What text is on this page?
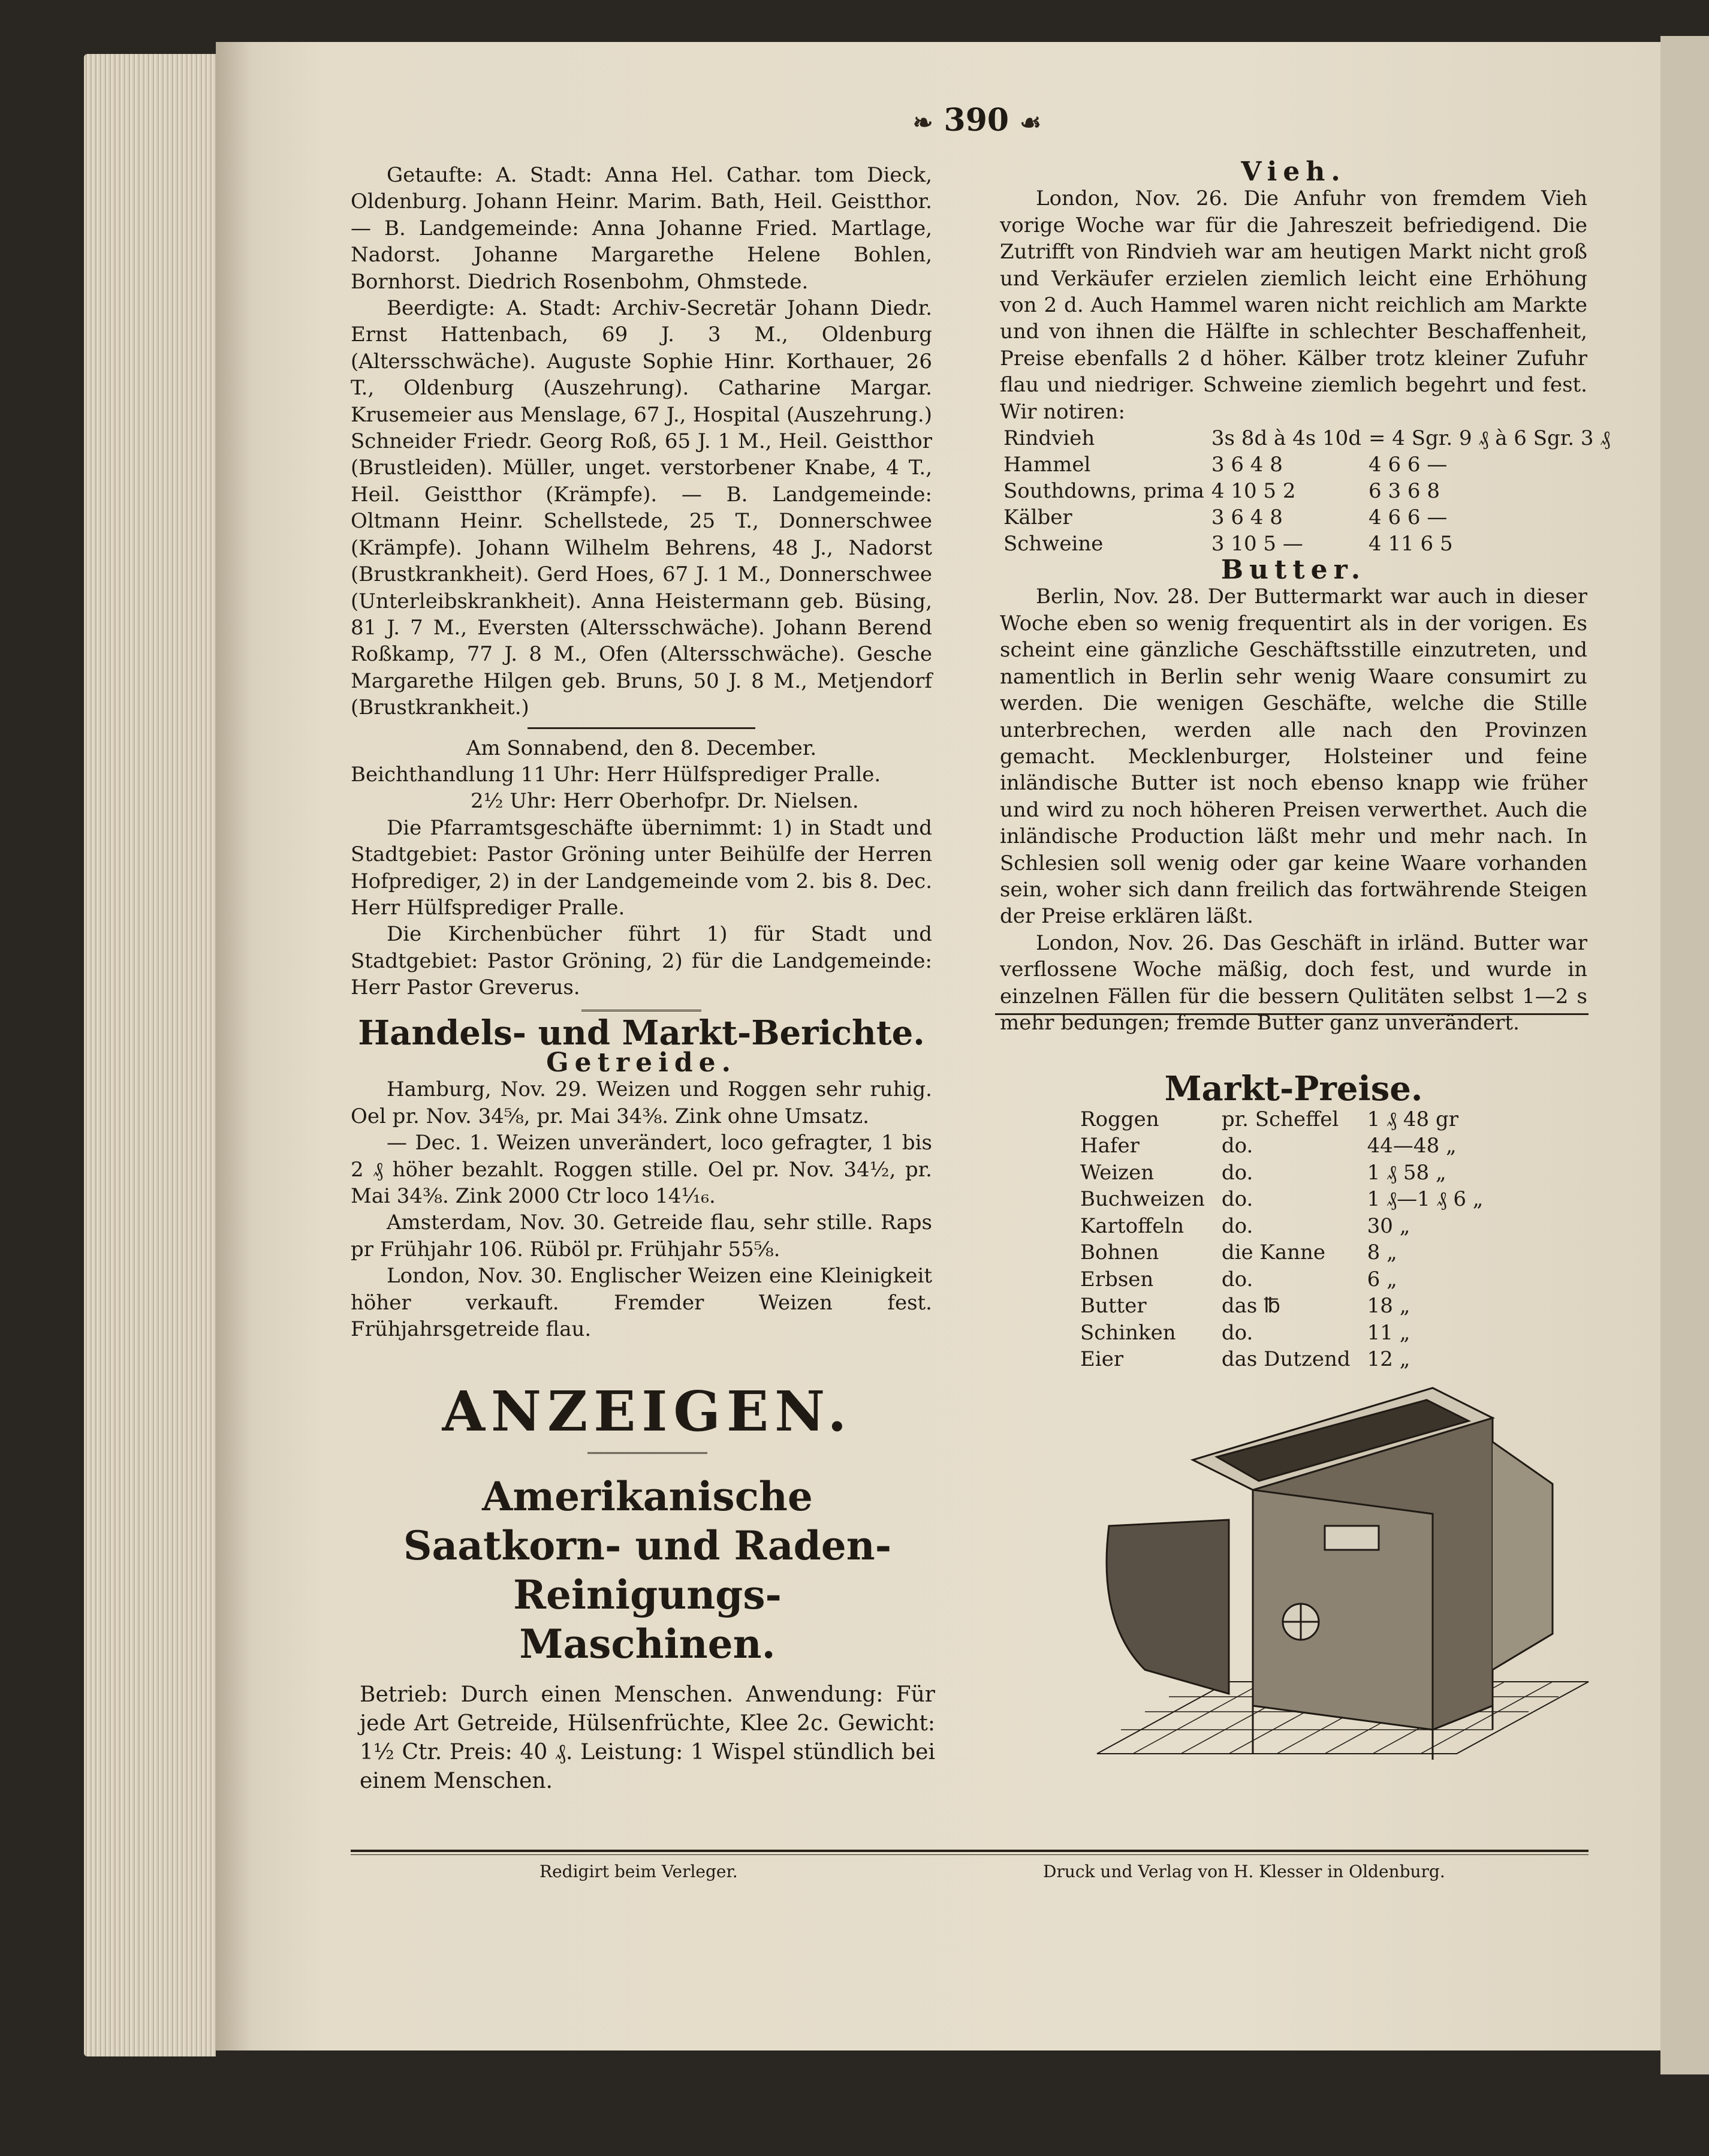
❧ 390 ☙

Getaufte: A. Stadt: Anna Hel. Cathar. tom Dieck, Oldenburg. Johann Heinr. Marim. Bath, Heil. Geistthor. — B. Landgemeinde: Anna Johanne Fried. Martlage, Nadorst. Johanne Margarethe Helene Bohlen, Bornhorst. Diedrich Rosenbohm, Ohmstede.

Beerdigte: A. Stadt: Archiv-Secretär Johann Diedr. Ernst Hattenbach, 69 J. 3 M., Oldenburg (Altersschwäche). Auguste Sophie Hinr. Korthauer, 26 T., Oldenburg (Auszehrung). Catharine Margar. Krusemeier aus Menslage, 67 J., Hospital (Auszehrung.) Schneider Friedr. Georg Roß, 65 J. 1 M., Heil. Geistthor (Brustleiden). Müller, unget. verstorbener Knabe, 4 T., Heil. Geistthor (Krämpfe). — B. Landgemeinde: Oltmann Heinr. Schellstede, 25 T., Donnerschwee (Krämpfe). Johann Wilhelm Behrens, 48 J., Nadorst (Brustkrankheit). Gerd Hoes, 67 J. 1 M., Donnerschwee (Unterleibskrankheit). Anna Heistermann geb. Büsing, 81 J. 7 M., Eversten (Altersschwäche). Johann Berend Roßkamp, 77 J. 8 M., Ofen (Altersschwäche). Gesche Margarethe Hilgen geb. Bruns, 50 J. 8 M., Metjendorf (Brustkrankheit.)

Am Sonnabend, den 8. December.

Beichthandlung 11 Uhr: Herr Hülfsprediger Pralle.

2½ Uhr: Herr Oberhofpr. Dr. Nielsen.

Die Pfarramtsgeschäfte übernimmt: 1) in Stadt und Stadtgebiet: Pastor Gröning unter Beihülfe der Herren Hofprediger, 2) in der Landgemeinde vom 2. bis 8. Dec. Herr Hülfsprediger Pralle.

Die Kirchenbücher führt 1) für Stadt und Stadtgebiet: Pastor Gröning, 2) für die Landgemeinde: Herr Pastor Greverus.

Handels- und Markt-Berichte.
Getreide.

Hamburg, Nov. 29. Weizen und Roggen sehr ruhig. Oel pr. Nov. 34⅝, pr. Mai 34⅜. Zink ohne Umsatz.

— Dec. 1. Weizen unverändert, loco gefragter, 1 bis 2 ₰ höher bezahlt. Roggen stille. Oel pr. Nov. 34½, pr. Mai 34⅜. Zink 2000 Ctr loco 14¹⁄₁₆.

Amsterdam, Nov. 30. Getreide flau, sehr stille. Raps pr Frühjahr 106. Rüböl pr. Frühjahr 55⅝.

London, Nov. 30. Englischer Weizen eine Kleinigkeit höher verkauft. Fremder Weizen fest. Frühjahrsgetreide flau.

Vieh.

London, Nov. 26. Die Anfuhr von fremdem Vieh vorige Woche war für die Jahreszeit befriedigend. Die Zutrifft von Rindvieh war am heutigen Markt nicht groß und Verkäufer erzielen ziemlich leicht eine Erhöhung von 2 d. Auch Hammel waren nicht reichlich am Markte und von ihnen die Hälfte in schlechter Beschaffenheit, Preise ebenfalls 2 d höher. Kälber trotz kleiner Zufuhr flau und niedriger. Schweine ziemlich begehrt und fest. Wir notiren:

Rindvieh	3s 8d à 4s 10d	= 4 Sgr. 9 ₰ à 6 Sgr. 3 ₰
Hammel	3 6 4 8	4 6 6 —
Southdowns, prima	4 10 5 2	6 3 6 8
Kälber	3 6 4 8	4 6 6 —
Schweine	3 10 5 —	4 11 6 5
Butter.

Berlin, Nov. 28. Der Buttermarkt war auch in dieser Woche eben so wenig frequentirt als in der vorigen. Es scheint eine gänzliche Geschäftsstille einzutreten, und namentlich in Berlin sehr wenig Waare consumirt zu werden. Die wenigen Geschäfte, welche die Stille unterbrechen, werden alle nach den Provinzen gemacht. Mecklenburger, Holsteiner und feine inländische Butter ist noch ebenso knapp wie früher und wird zu noch höheren Preisen verwerthet. Auch die inländische Production läßt mehr und mehr nach. In Schlesien soll wenig oder gar keine Waare vorhanden sein, woher sich dann freilich das fortwährende Steigen der Preise erklären läßt.

London, Nov. 26. Das Geschäft in irländ. Butter war verflossene Woche mäßig, doch fest, und wurde in einzelnen Fällen für die bessern Qulitäten selbst 1—2 s mehr bedungen; fremde Butter ganz unverändert.

Markt-Preise.
Roggen	pr. Scheffel	1 ₰ 48 gr
Hafer	do.	44—48 „
Weizen	do.	1 ₰ 58 „
Buchweizen	do.	1 ₰—1 ₰ 6 „
Kartoffeln	do.	30 „
Bohnen	die Kanne	8 „
Erbsen	do.	6 „
Butter	das ℔	18 „
Schinken	do.	11 „
Eier	das Dutzend	12 „
ANZEIGEN.
Amerikanische
Saatkorn- und Raden-Reinigungs-
Maschinen.
Betrieb: Durch einen Menschen. Anwendung: Für jede Art Getreide, Hülsenfrüchte, Klee 2c. Gewicht: 1½ Ctr. Preis: 40 ₰. Leistung: 1 Wispel stündlich bei einem Menschen.
Redigirt beim Verleger.	Druck und Verlag von H. Klesser in Oldenburg.
